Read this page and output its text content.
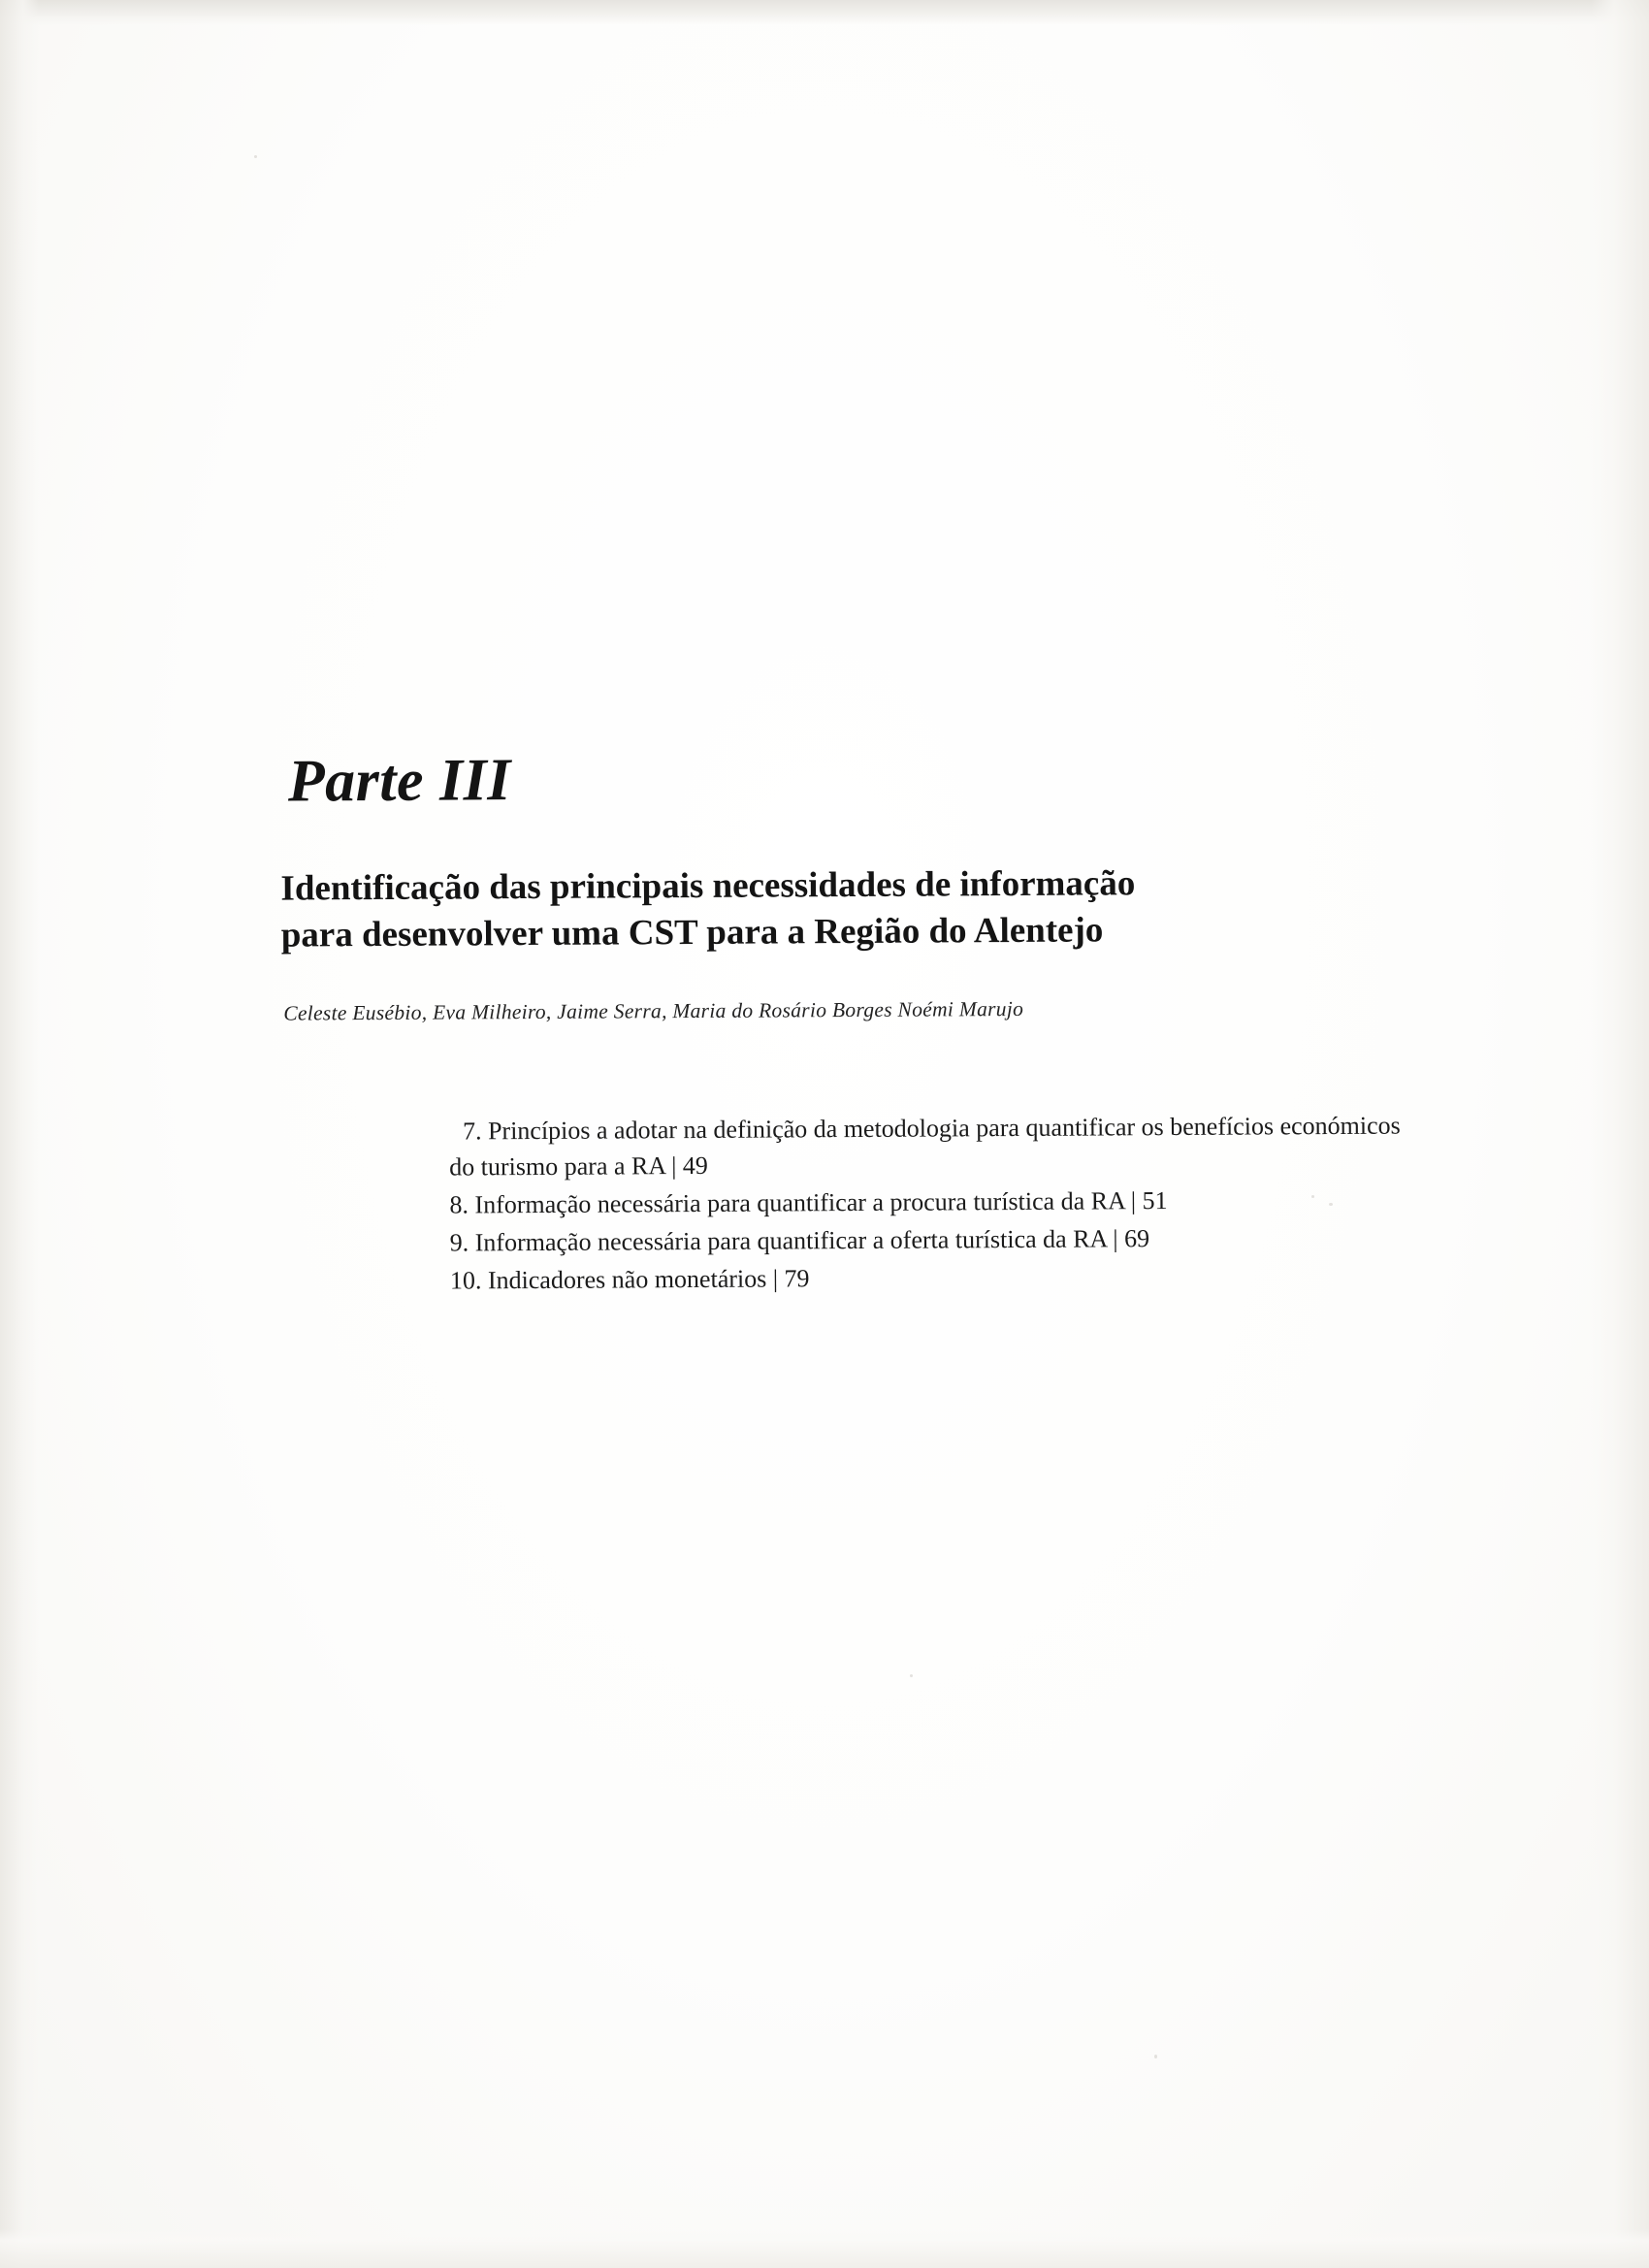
Parte III
Identificação das principais necessidades de informação
para desenvolver uma CST para a Região do Alentejo

Celeste Eusébio, Eva Milheiro, Jaime Serra, Maria do Rosário Borges Noémi Marujo

7. Princípios a adotar na definição da metodologia para quantificar os benefícios económicos do turismo para a RA | 49
8. Informação necessária para quantificar a procura turística da RA | 51
9. Informação necessária para quantificar a oferta turística da RA | 69
10. Indicadores não monetários | 79
